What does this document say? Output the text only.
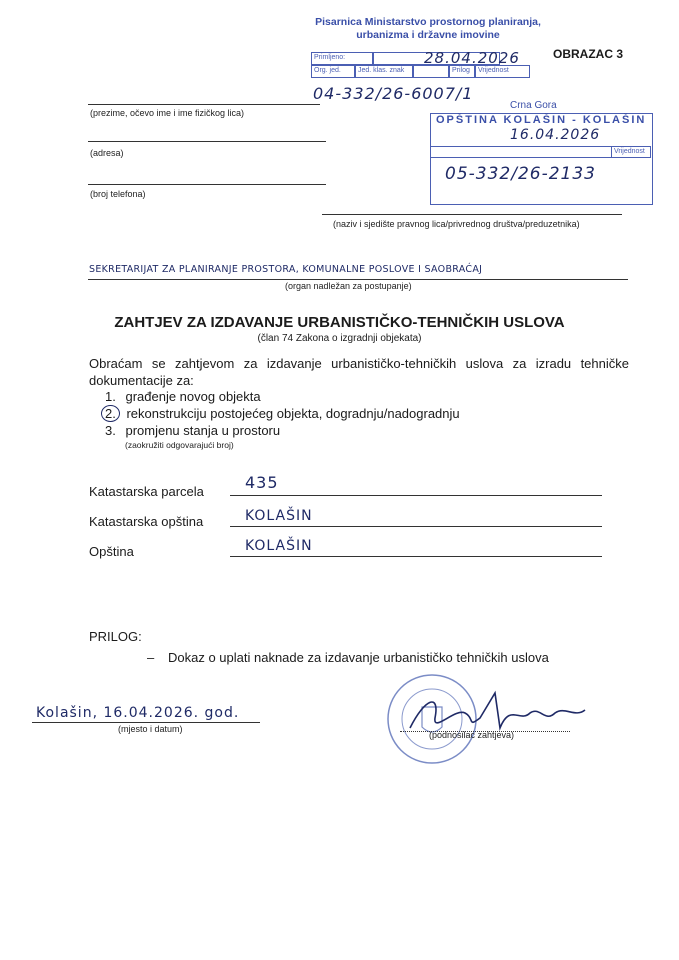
OBRAZAC 3
Pisarnica Ministarstvo prostornog planiranja,
urbanizma i državne imovine
Primljeno:
Org. jed.	Jed. klas. znak	Prilog	Vrijednost
28.04.2026
04-332/26-6007/1
Crna Gora
OPŠTINA KOLAŠIN - KOLAŠIN
16.04.2026
Vrijednost
05-332/26-2133
(prezime, očevo ime i ime fizičkog lica)
(adresa)
(broj telefona)
(naziv i sjedište pravnog lica/privrednog društva/preduzetnika)
SEKRETARIJAT ZA PLANIRANJE PROSTORA, KOMUNALNE POSLOVE I SAOBRAĆAJ
(organ nadležan za postupanje)
ZAHTJEV ZA IZDAVANJE URBANISTIČKO-TEHNIČKIH USLOVA
(član 74 Zakona o izgradnji objekata)
Obraćam se zahtjevom za izdavanje urbanističko-tehničkih uslova za izradu tehničke dokumentacije za:
1. građenje novog objekta
2. rekonstrukciju postojećeg objekta, dogradnju/nadogradnju
3. promjenu stanja u prostoru
(zaokružiti odgovarajući broj)
Katastarska parcela	435
Katastarska opština	KOLAŠIN
Opština	KOLAŠIN
PRILOG:
– Dokaz o uplati naknade za izdavanje urbanističko tehničkih uslova
Kolašin, 16.04.2026. god.
(mjesto i datum)
(podnosilac zahtjeva)
